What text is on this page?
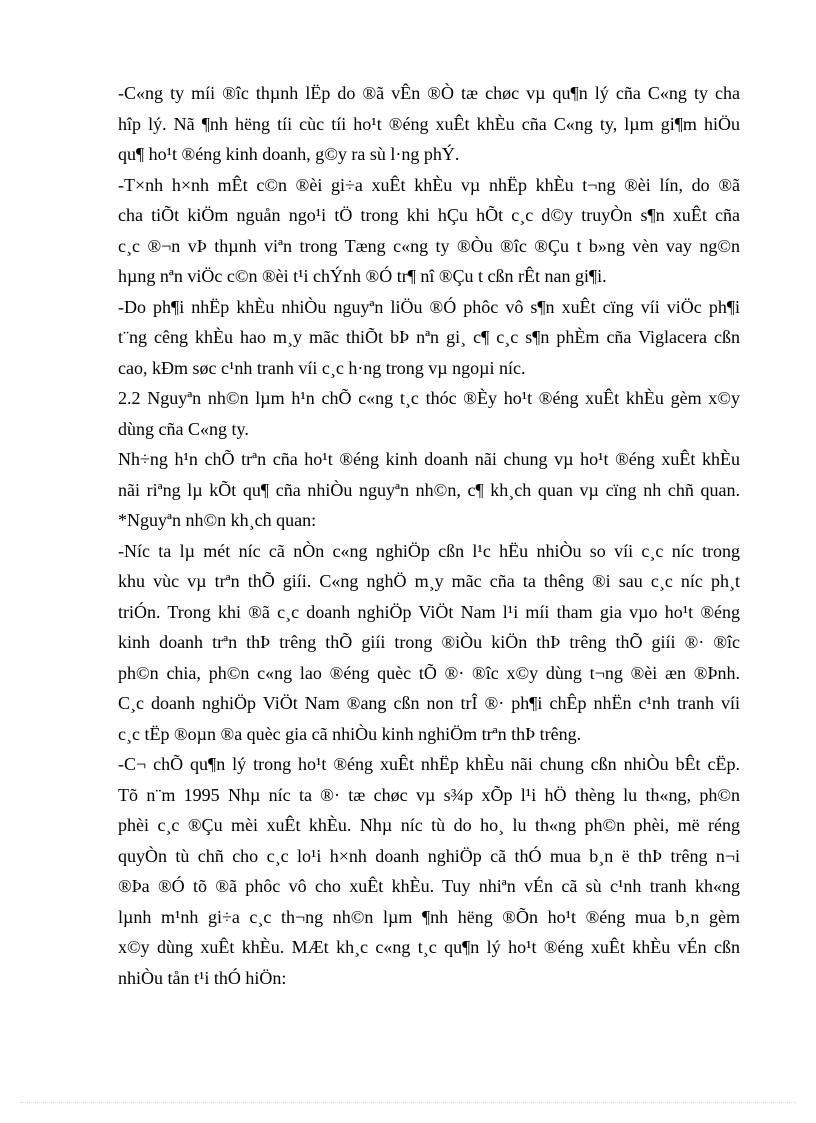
-C«ng ty míi ®îc thµnh lËp do ®ã vÊn ®Ò tæ chøc vµ qu¶n lý cña C«ng ty cha
hîp lý. Nã ¶nh hëng tíi cùc tíi ho¹t ®éng xuÊt khÈu cña C«ng ty, lµm gi¶m hiÖu
qu¶ ho¹t ®éng kinh doanh, g©y ra sù l·ng phÝ.
-T×nh h×nh mÊt c©n ®èi gi÷a xuÊt khÈu vµ nhËp khÈu t¬ng ®èi lín, do ®ã
cha tiÕt kiÖm nguån ngo¹i tÖ trong khi hÇu hÕt c¸c d©y truyÒn s¶n xuÊt cña
c¸c ®¬n vÞ thµnh viªn trong Tæng c«ng ty ®Òu ®îc ®Çu t b»ng vèn vay ng©n
hµng nªn viÖc c©n ®èi t¹i chÝnh ®Ó tr¶ nî ®Çu t cßn rÊt nan gi¶i.
-Do ph¶i nhËp khÈu nhiÒu nguyªn liÖu ®Ó phôc vô s¶n xuÊt cïng víi viÖc ph¶i
t¨ng cêng khÈu hao m¸y mãc thiÕt bÞ nªn gi¸ c¶ c¸c s¶n phÈm cña Viglacera cßn
cao, kÐm søc c¹nh tranh víi c¸c h·ng trong vµ ngoµi níc.
2.2 Nguyªn nh©n lµm h¹n chÕ c«ng t¸c thóc ®Èy ho¹t ®éng xuÊt khÈu gèm x©y
dùng cña C«ng ty.
Nh÷ng h¹n chÕ trªn cña ho¹t ®éng kinh doanh nãi chung vµ ho¹t ®éng xuÊt khÈu
nãi riªng lµ kÕt qu¶ cña nhiÒu nguyªn nh©n, c¶ kh¸ch quan vµ cïng nh chñ quan.
*Nguyªn nh©n kh¸ch quan:
-Níc ta lµ mét níc cã nÒn c«ng nghiÖp cßn l¹c hËu nhiÒu so víi c¸c níc trong
khu vùc vµ trªn thÕ giíi. C«ng nghÖ m¸y mãc cña ta thêng ®i sau c¸c níc ph¸t
triÓn. Trong khi ®ã c¸c doanh nghiÖp ViÖt Nam l¹i míi tham gia vµo ho¹t ®éng
kinh doanh trªn thÞ trêng thÕ giíi trong ®iÒu kiÖn thÞ trêng thÕ giíi ®· ®îc
ph©n chia, ph©n c«ng lao ®éng quèc tÕ ®· ®îc x©y dùng t¬ng ®èi æn ®Þnh.
C¸c doanh nghiÖp ViÖt Nam ®ang cßn non trÎ ®· ph¶i chÊp nhËn c¹nh tranh víi
c¸c tËp ®oµn ®a quèc gia cã nhiÒu kinh nghiÖm trªn thÞ trêng.
-C¬ chÕ qu¶n lý trong ho¹t ®éng xuÊt nhËp khÈu nãi chung cßn nhiÒu bÊt cËp.
Tõ n¨m 1995 Nhµ níc ta ®· tæ chøc vµ s¾p xÕp l¹i hÖ thèng lu th«ng, ph©n
phèi c¸c ®Çu mèi xuÊt khÈu. Nhµ níc tù do ho¸ lu th«ng ph©n phèi, më réng
quyÒn tù chñ cho c¸c lo¹i h×nh doanh nghiÖp cã thÓ mua b¸n ë thÞ trêng n¬i
®Þa ®Ó tõ ®ã phôc vô cho xuÊt khÈu. Tuy nhiªn vÉn cã sù c¹nh tranh kh«ng
lµnh m¹nh gi÷a c¸c th¬ng nh©n lµm ¶nh hëng ®Õn ho¹t ®éng mua b¸n gèm
x©y dùng xuÊt khÈu. MÆt kh¸c c«ng t¸c qu¶n lý ho¹t ®éng xuÊt khÈu vÉn cßn
nhiÒu tån t¹i thÓ hiÖn:
